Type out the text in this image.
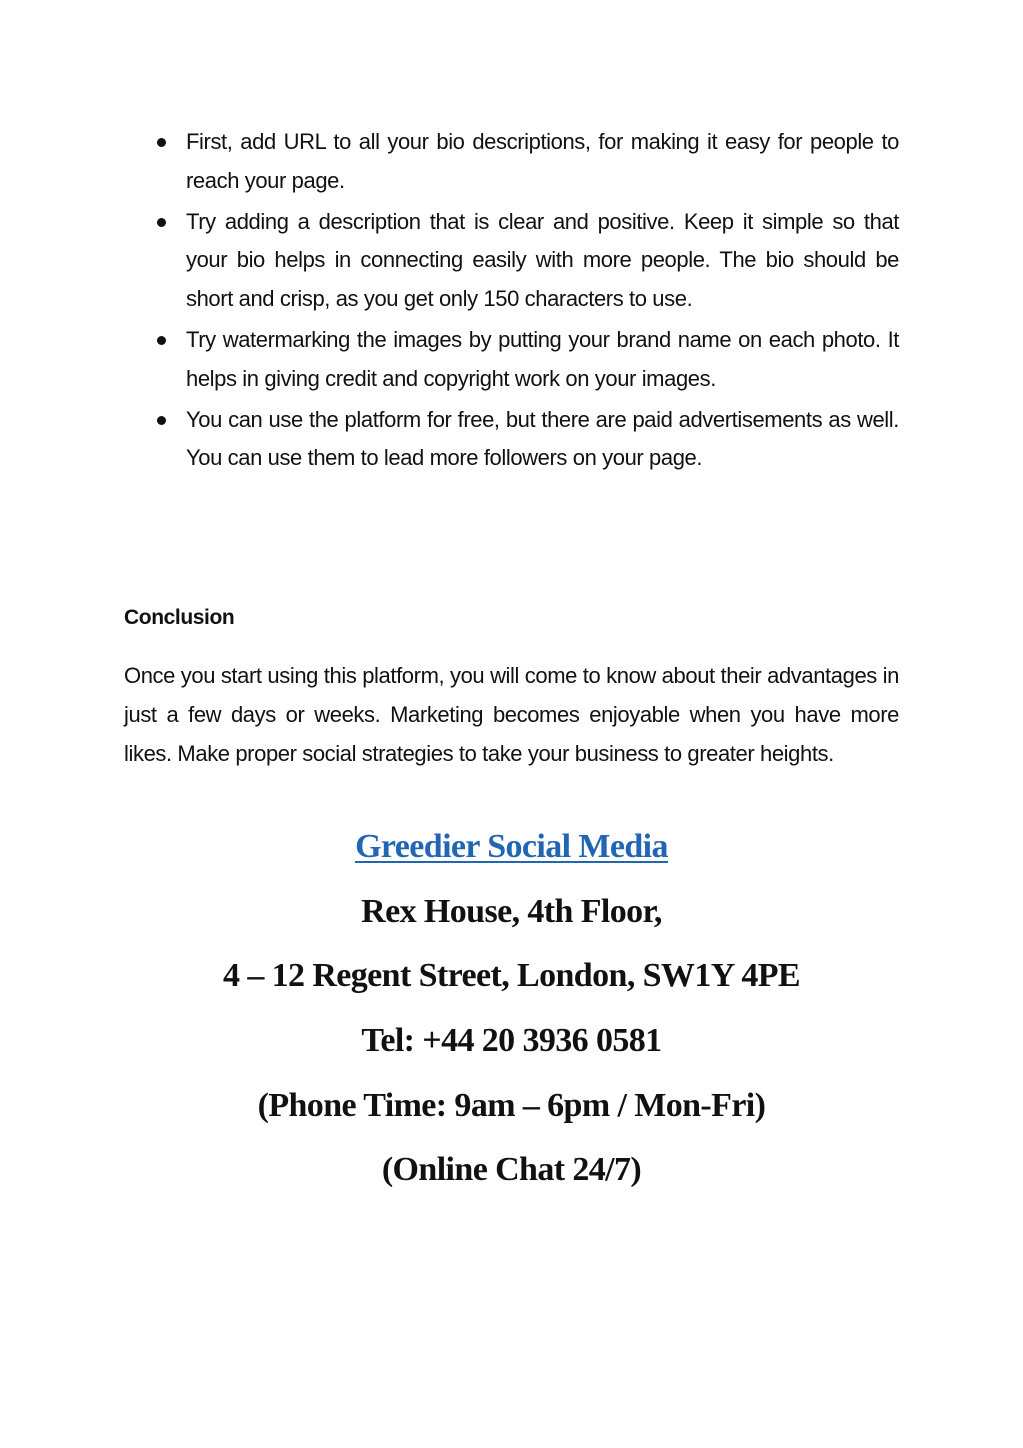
First, add URL to all your bio descriptions, for making it easy for people to reach your page.
Try adding a description that is clear and positive. Keep it simple so that your bio helps in connecting easily with more people. The bio should be short and crisp, as you get only 150 characters to use.
Try watermarking the images by putting your brand name on each photo. It helps in giving credit and copyright work on your images.
You can use the platform for free, but there are paid advertisements as well. You can use them to lead more followers on your page.
Conclusion

Once you start using this platform, you will come to know about their advantages in just a few days or weeks. Marketing becomes enjoyable when you have more likes. Make proper social strategies to take your business to greater heights.

Greedier Social Media

Rex House, 4th Floor,

4 – 12 Regent Street, London, SW1Y 4PE

Tel: +44 20 3936 0581

(Phone Time: 9am – 6pm / Mon-Fri)

(Online Chat 24/7)
